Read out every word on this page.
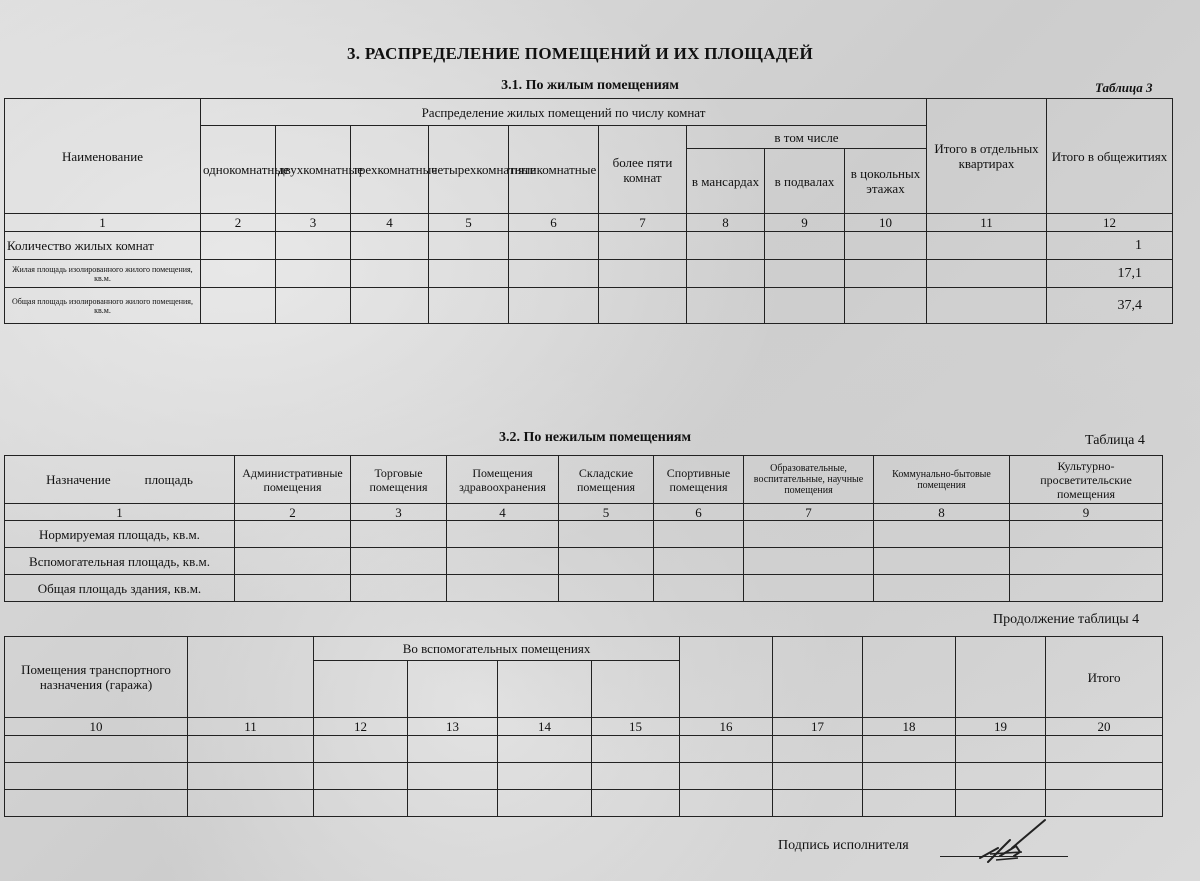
3. РАСПРЕДЕЛЕНИЕ ПОМЕЩЕНИЙ И ИХ ПЛОЩАДЕЙ
3.1. По жилым помещениям	Таблица 3
Наименование	Распределение жилых помещений по числу комнат									Итого в отдельных квартирах	Итого в общежитиях
	однокомнатные	двухкомнатные	трехкомнатные	четырехкомнатные	пятикомнатные	более пяти комнат	в том числе				
							в мансардах	в подвалах	в цокольных этажах		
1	2	3	4	5	6	7	8	9	10	11	12
Количество жилых комнат											1
Жилая площадь изолированного жилого помещения, кв.м.											17,1
Общая площадь изолированного жилого помещения, кв.м.											37,4
3.2. По нежилым помещениям	Таблица 4
Назначение площадь	Административные помещения	Торговые помещения	Помещения здравоохранения	Складские помещения	Спортивные помещения	Образовательные, воспитательные, научные помещения	Коммунально-бытовые помещения	Культурно-просветительские помещения
1	2	3	4	5	6	7	8	9
Нормируемая площадь, кв.м.								
Вспомогательная площадь, кв.м.								
Общая площадь здания, кв.м.								
Продолжение таблицы 4
Помещения транспортного назначения (гаража)		Во вспомогательных помещениях								Итого

10	11	12	13	14	15	16	17	18	19	20

Подпись исполнителя
